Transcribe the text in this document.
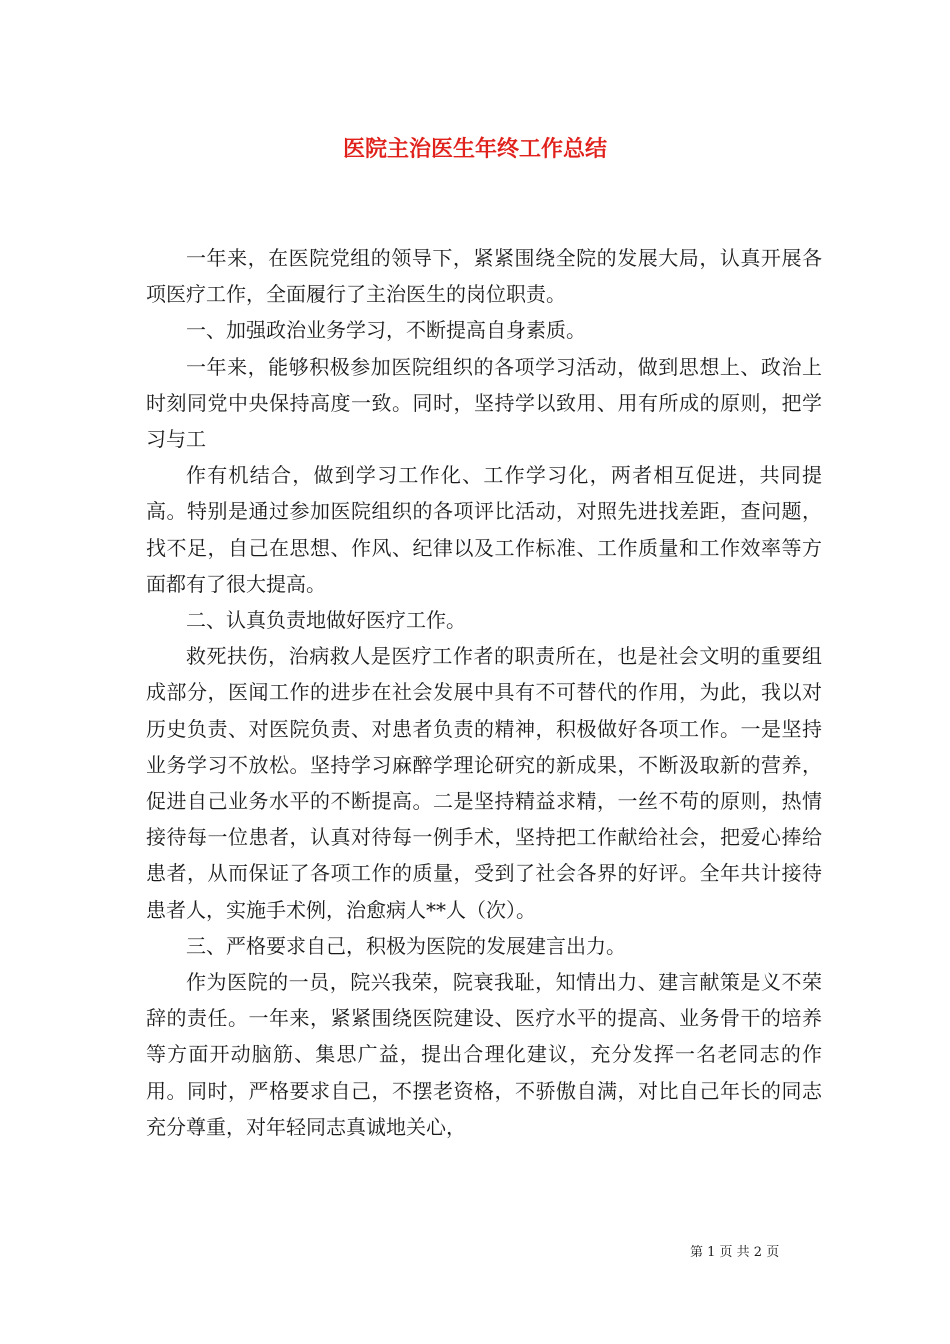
医院主治医生年终工作总结

一年来，在医院党组的领导下，紧紧围绕全院的发展大局，认真开展各项医疗工作，全面履行了主治医生的岗位职责。

一、加强政治业务学习，不断提高自身素质。

一年来，能够积极参加医院组织的各项学习活动，做到思想上、政治上时刻同党中央保持高度一致。同时，坚持学以致用、用有所成的原则，把学习与工

作有机结合，做到学习工作化、工作学习化，两者相互促进，共同提高。特别是通过参加医院组织的各项评比活动，对照先进找差距，查问题，找不足，自己在思想、作风、纪律以及工作标准、工作质量和工作效率等方面都有了很大提高。

二、认真负责地做好医疗工作。

救死扶伤，治病救人是医疗工作者的职责所在，也是社会文明的重要组成部分，医闻工作的进步在社会发展中具有不可替代的作用，为此，我以对历史负责、对医院负责、对患者负责的精神，积极做好各项工作。一是坚持业务学习不放松。坚持学习麻醉学理论研究的新成果，不断汲取新的营养，促进自己业务水平的不断提高。二是坚持精益求精，一丝不苟的原则，热情接待每一位患者，认真对待每一例手术，坚持把工作献给社会，把爱心捧给患者，从而保证了各项工作的质量，受到了社会各界的好评。全年共计接待患者人，实施手术例，治愈病人**人（次）。

三、严格要求自己，积极为医院的发展建言出力。

作为医院的一员，院兴我荣，院衰我耻，知情出力、建言献策是义不荣辞的责任。一年来，紧紧围绕医院建设、医疗水平的提高、业务骨干的培养等方面开动脑筋、集思广益，提出合理化建议，充分发挥一名老同志的作用。同时，严格要求自己，不摆老资格，不骄傲自满，对比自己年长的同志充分尊重，对年轻同志真诚地关心，

第 1 页 共 2 页
